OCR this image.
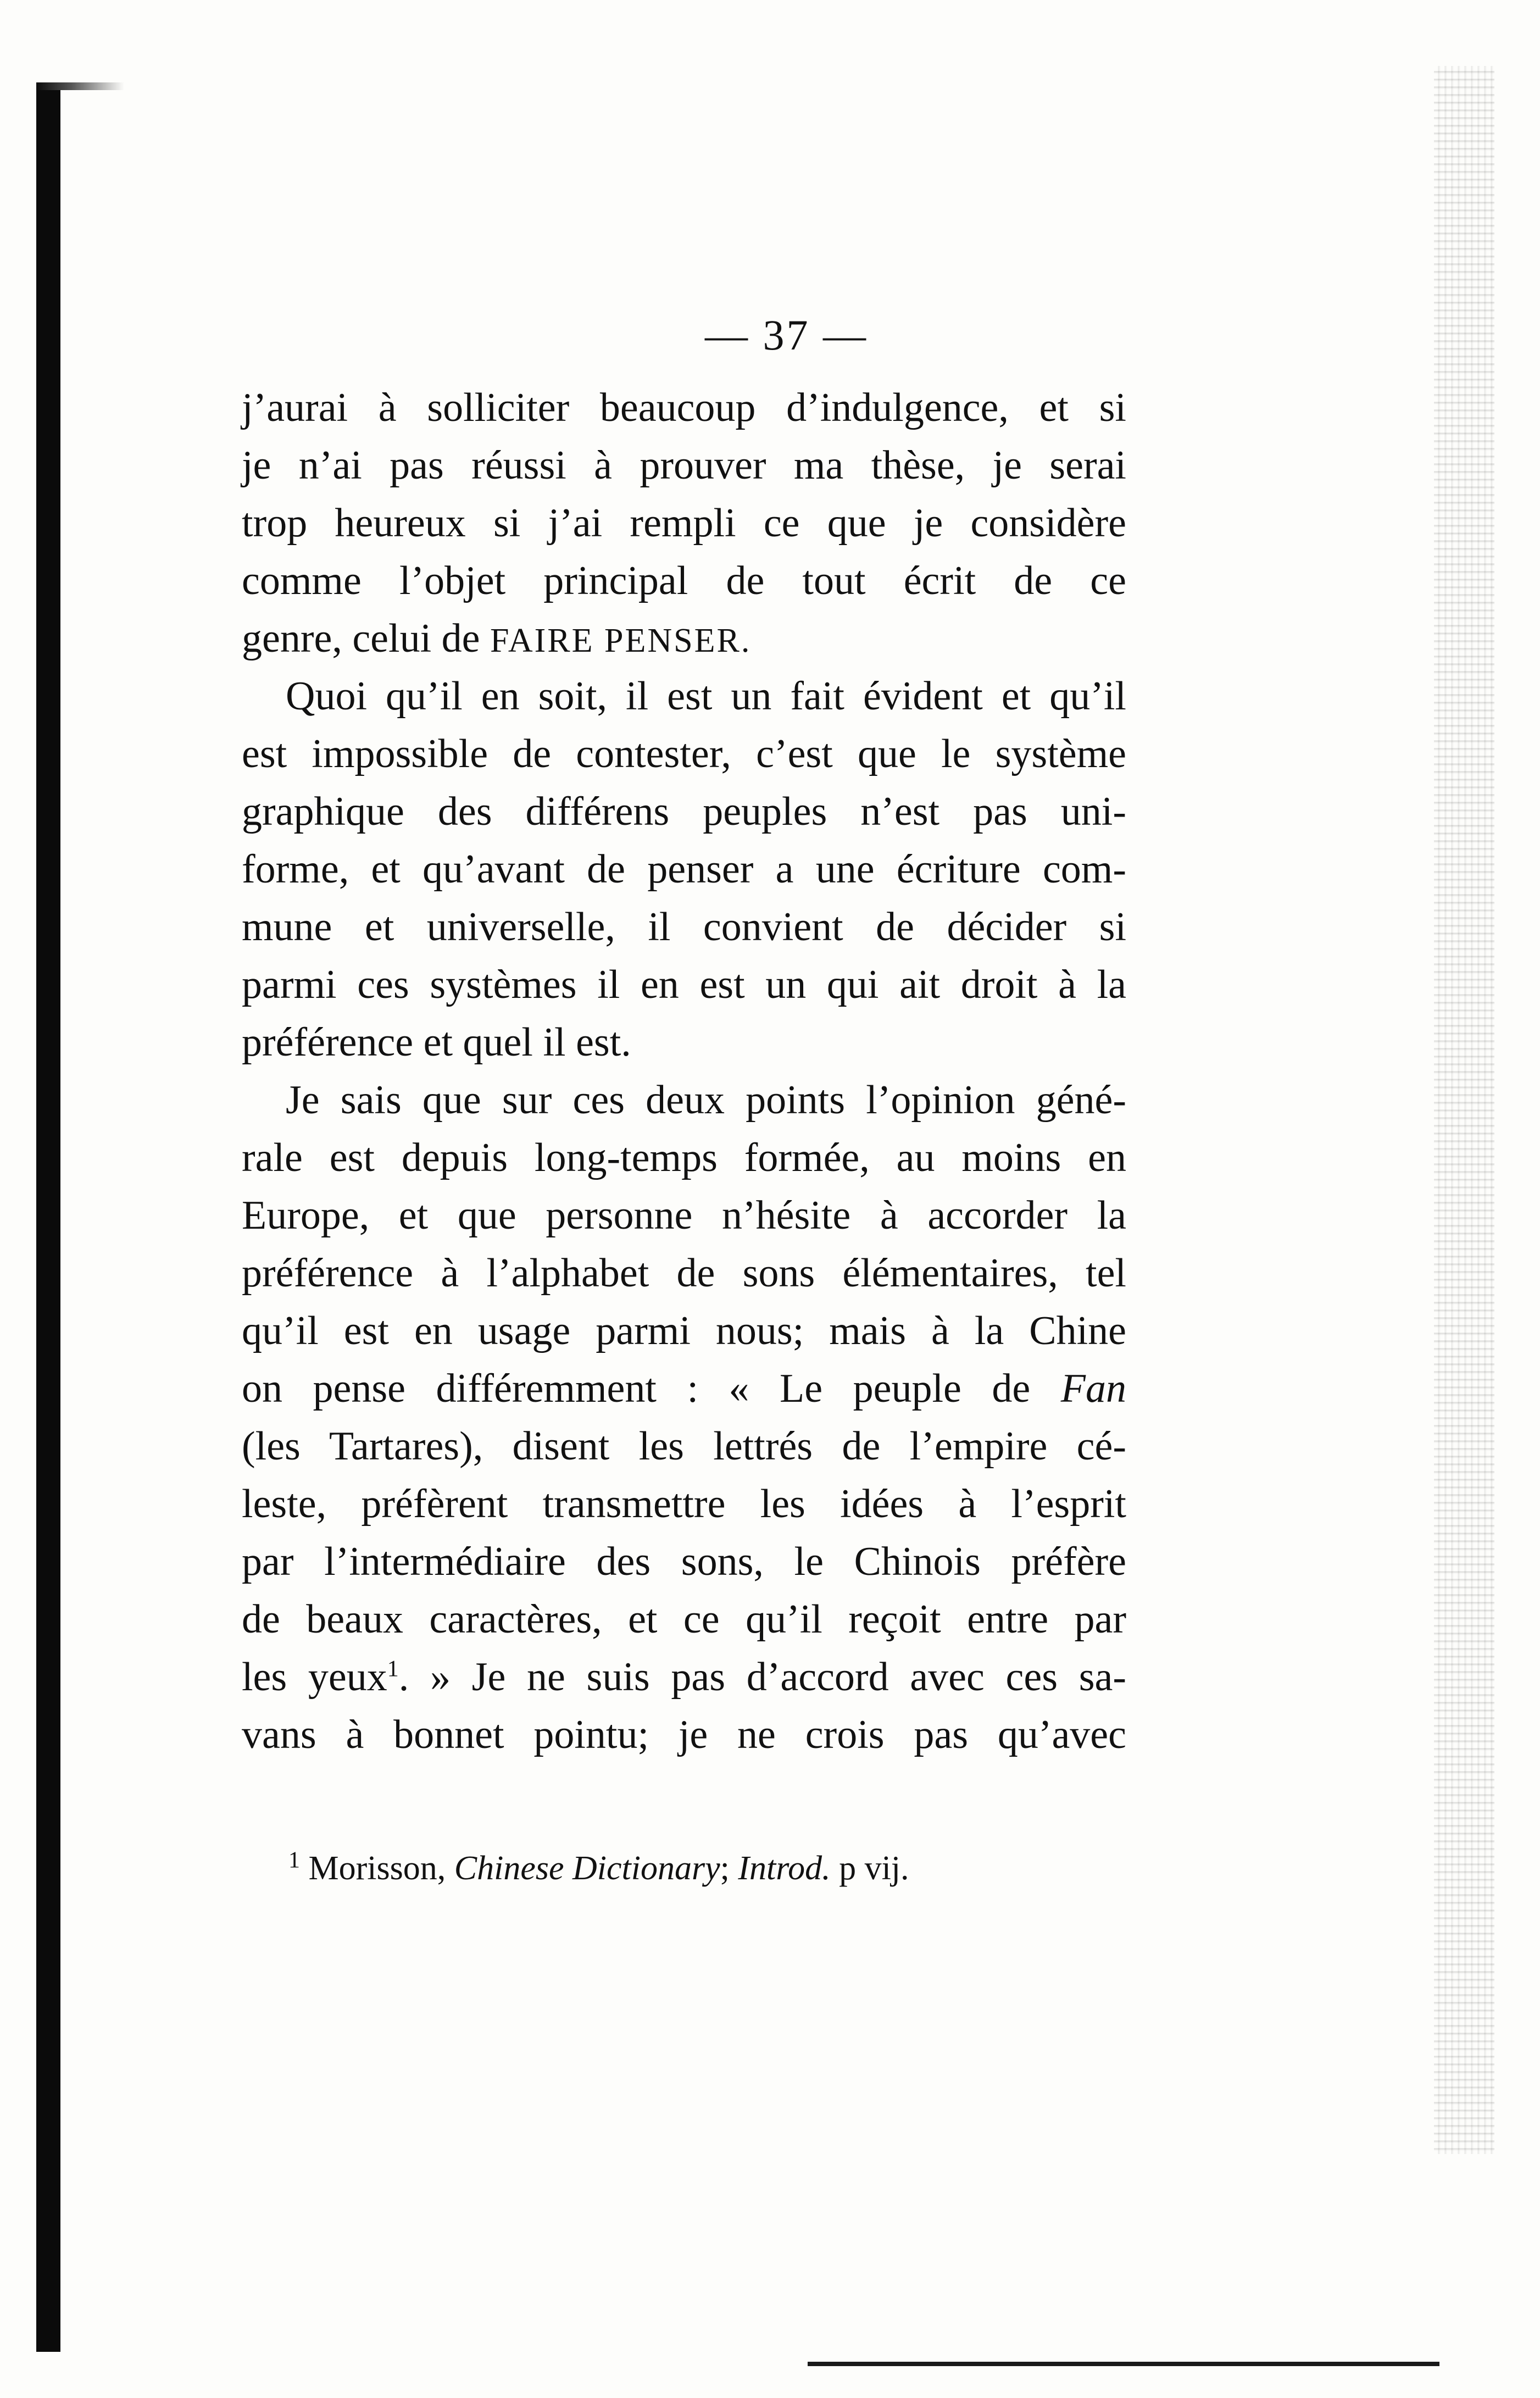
— 37 —
j’aurai à solliciter beaucoup d’indulgence, et si
je n’ai pas réussi à prouver ma thèse, je serai
trop heureux si j’ai rempli ce que je considère
comme l’objet principal de tout écrit de ce
genre, celui de FAIRE PENSER.
Quoi qu’il en soit, il est un fait évident et qu’il
est impossible de contester, c’est que le système
graphique des différens peuples n’est pas uni-
forme, et qu’avant de penser a une écriture com-
mune et universelle, il convient de décider si
parmi ces systèmes il en est un qui ait droit à la
préférence et quel il est.
Je sais que sur ces deux points l’opinion géné-
rale est depuis long-temps formée, au moins en
Europe, et que personne n’hésite à accorder la
préférence à l’alphabet de sons élémentaires, tel
qu’il est en usage parmi nous; mais à la Chine
on pense différemment : « Le peuple de Fan
(les Tartares), disent les lettrés de l’empire cé-
leste, préfèrent transmettre les idées à l’esprit
par l’intermédiaire des sons, le Chinois préfère
de beaux caractères, et ce qu’il reçoit entre par
les yeux$^1$. » Je ne suis pas d’accord avec ces sa-
vans à bonnet pointu; je ne crois pas qu’avec
$^1$ Morisson, Chinese Dictionary; Introd. p vij.
